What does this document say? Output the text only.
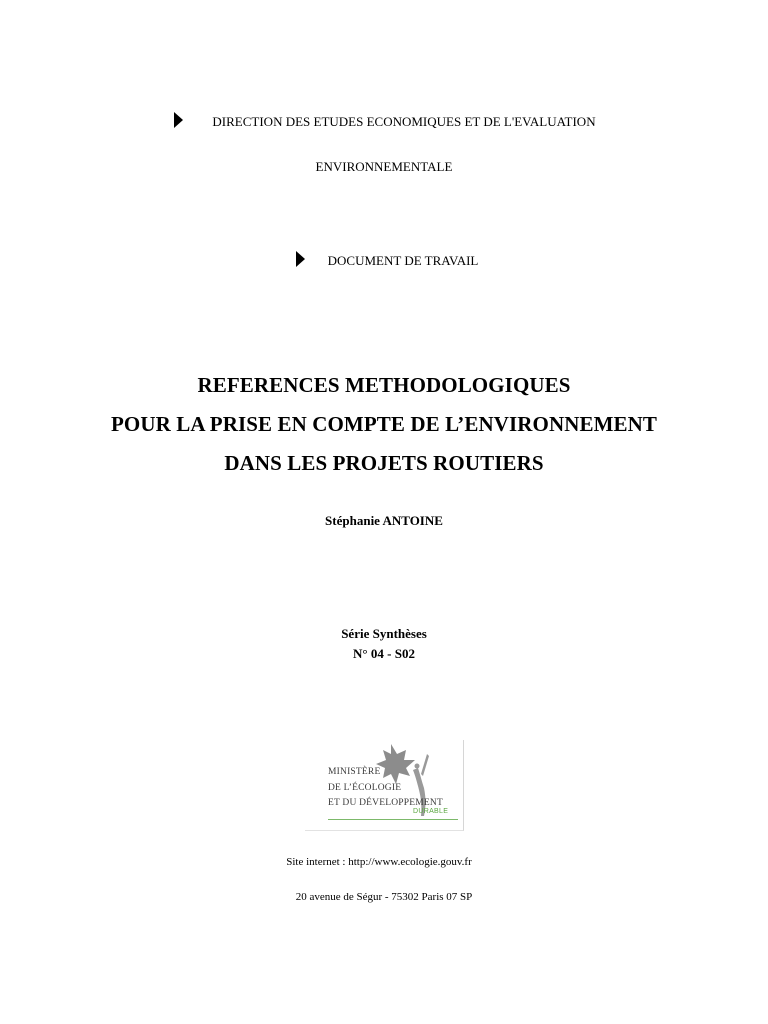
DIRECTION DES ETUDES ECONOMIQUES ET DE L'EVALUATION
ENVIRONNEMENTALE
DOCUMENT DE TRAVAIL
REFERENCES METHODOLOGIQUES
POUR LA PRISE EN COMPTE DE L’ENVIRONNEMENT
DANS LES PROJETS ROUTIERS
Stéphanie ANTOINE
Série Synthèses
N° 04 - S02
MINISTÈRE
DE L’ÉCOLOGIE
ET DU DÉVELOPPEMENT
DURABLE
Site internet : http://www.ecologie.gouv.fr
20 avenue de Ségur - 75302 Paris 07 SP
